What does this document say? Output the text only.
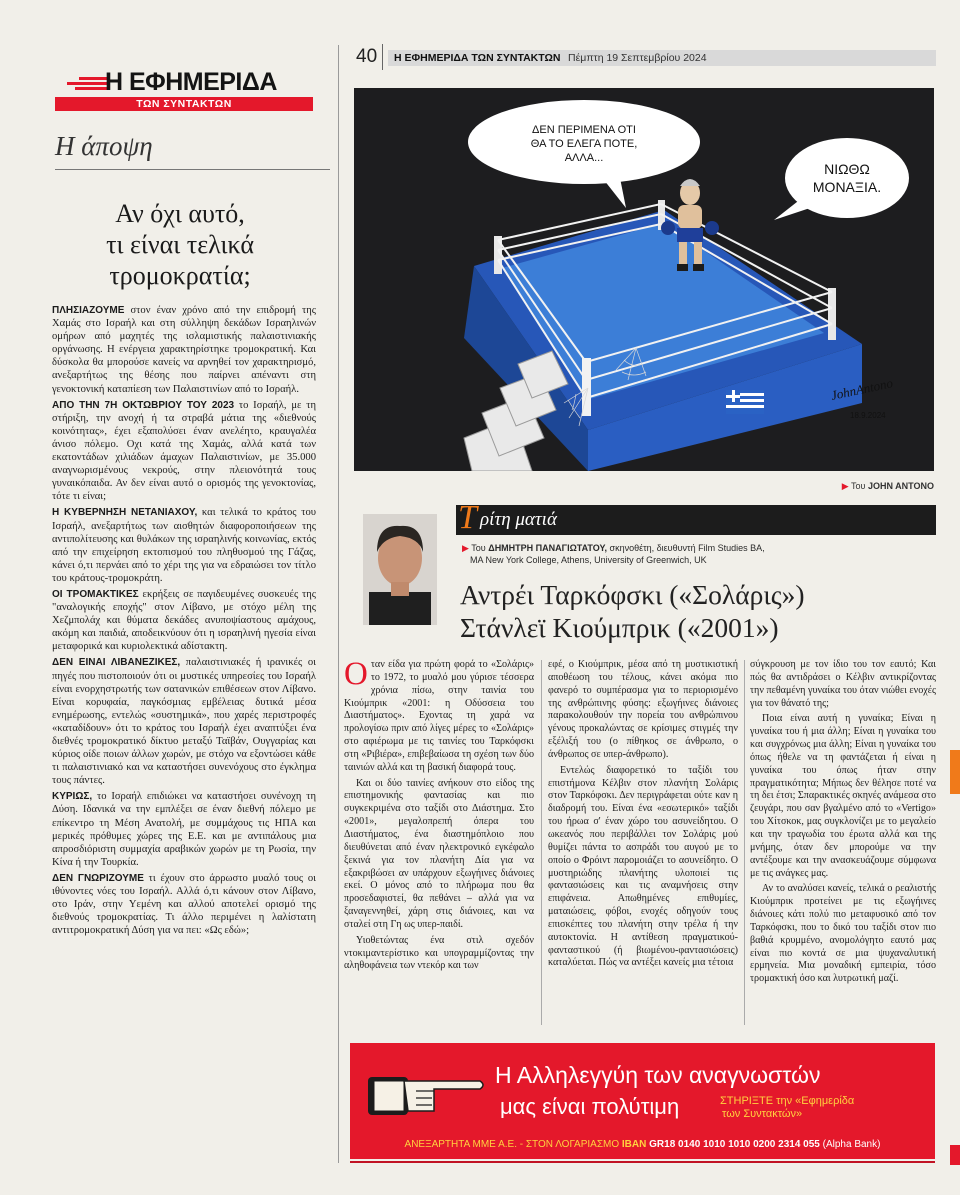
Η ΕΦΗΜΕΡΙΔΑ
ΤΩΝ ΣΥΝΤΑΚΤΩΝ
Η άποψη
Αν όχι αυτό,
τι είναι τελικά
τρομοκρατία;

ΠΛΗΣΙΑΖΟΥΜΕ στον έναν χρόνο από την επιδρομή της Χαμάς στο Ισραήλ και στη σύλληψη δεκάδων Ισραηλινών ομήρων από μαχητές της ισλαμιστικής παλαιστινιακής οργάνωσης. Η ενέργεια χαρακτηρίστηκε τρομοκρατική. Και δύσκολα θα μπορούσε κανείς να αρνηθεί τον χαρακτηρισμό, ανεξαρτήτως της θέσης που παίρνει απέναντι στη γενοκτονική καταπίεση των Παλαιστινίων από το Ισραήλ.

ΑΠΟ ΤΗΝ 7Η ΟΚΤΩΒΡΙΟΥ ΤΟΥ 2023 το Ισραήλ, με τη στήριξη, την ανοχή ή τα στραβά μάτια της «διεθνούς κοινότητας», έχει εξαπολύσει έναν ανελέητο, κραυγαλέα άνισο πόλεμο. Οχι κατά της Χαμάς, αλλά κατά των εκατοντάδων χιλιάδων άμαχων Παλαιστινίων, με 35.000 αναγνωρισμένους νεκρούς, στην πλειονότητά τους γυναικόπαιδα. Αν δεν είναι αυτό ο ορισμός της γενοκτονίας, τότε τι είναι;

Η ΚΥΒΕΡΝΗΣΗ ΝΕΤΑΝΙΑΧΟΥ, και τελικά το κράτος του Ισραήλ, ανεξαρτήτως των αισθητών διαφοροποιήσεων της αντιπολίτευσης και θυλάκων της ισραηλινής κοινωνίας, εκτός από την επιχείρηση εκτοπισμού του πληθυσμού της Γάζας, κάνει ό,τι περνάει από το χέρι της για να εδραιώσει τον τίτλο του κράτους-τρομοκράτη.

ΟΙ ΤΡΟΜΑΚΤΙΚΕΣ εκρήξεις σε παγιδευμένες συσκευές της "αναλογικής εποχής" στον Λίβανο, με στόχο μέλη της Χεζμπολάχ και θύματα δεκάδες ανυποψίαστους αμάχους, ακόμη και παιδιά, αποδεικνύουν ότι η ισραηλινή ηγεσία είναι μεταφορικά και κυριολεκτικά αδίστακτη.

ΔΕΝ ΕΙΝΑΙ ΛΙΒΑΝΕΖΙΚΕΣ, παλαιστινιακές ή ιρανικές οι πηγές που πιστοποιούν ότι οι μυστικές υπηρεσίες του Ισραήλ είναι ενορχηστρωτής των σατανικών επιθέσεων στον Λίβανο. Είναι κορυφαία, παγκόσμιας εμβέλειας δυτικά μέσα ενημέρωσης, εντελώς «συστημικά», που χαρές περιστροφές «καταδίδουν» ότι το κράτος του Ισραήλ έχει αναπτύξει ένα διεθνές τρομοκρατικό δίκτυο μεταξύ Ταϊβάν, Ουγγαρίας και κύριος οίδε ποιων άλλων χωρών, με στόχο να εξοντώσει κάθε τι παλαιστινιακό και να καταστήσει συνενόχους στο έγκλημα τους πάντες.

ΚΥΡΙΩΣ, το Ισραήλ επιδιώκει να καταστήσει συνένοχη τη Δύση. Ιδανικά να την εμπλέξει σε έναν διεθνή πόλεμο με επίκεντρο τη Μέση Ανατολή, με συμμάχους τις ΗΠΑ και μερικές πρόθυμες χώρες της Ε.Ε. και με αντιπάλους μια απροσδιόριστη συμμαχία αραβικών χωρών με τη Ρωσία, την Κίνα ή την Τουρκία.

ΔΕΝ ΓΝΩΡΙΖΟΥΜΕ τι έχουν στο άρρωστο μυαλό τους οι ιθύνοντες νόες του Ισραήλ. Αλλά ό,τι κάνουν στον Λίβανο, στο Ιράν, στην Υεμένη και αλλού αποτελεί ορισμό της διεθνούς τρομοκρατίας. Τι άλλο περιμένει η λαλίστατη αντιτρομοκρατική Δύση για να πει: «Ως εδώ»;

40 Η ΕΦΗΜΕΡΙΔΑ ΤΩΝ ΣΥΝΤΑΚΤΩΝ Πέμπτη 19 Σεπτεμβρίου 2024
ΔΕΝ ΠΕΡΙΜΕΝΑ ΟΤΙ
ΘΑ ΤΟ ΕΛΕΓΑ ΠΟΤΕ,
ΑΛΛΑ...
ΝΙΩΘΩ
ΜΟΝΑΞΙΑ.
JohnAntono
18.9.2024
▶ Του JOHN ANTONO
Τ ρίτη ματιά
▶ Του ΔΗΜΗΤΡΗ ΠΑΝΑΓΙΩΤΑΤΟΥ, σκηνοθέτη, διευθυντή Film Studies BA,
MA New York College, Athens, University of Greenwich, UK
Αντρέι Ταρκόφσκι («Σολάρις»)
Στάνλεϊ Κιούμπρικ («2001»)

Οταν είδα για πρώτη φορά το «Σολάρις» το 1972, το μυαλό μου γύρισε τέσσερα χρόνια πίσω, στην ταινία του Κιούμπρικ «2001: η Οδύσσεια του Διαστήματος». Εχοντας τη χαρά να προλογίσω πριν από λίγες μέρες το «Σολάρις» στο αφιέρωμα με τις ταινίες του Ταρκόφσκι στη «Ριβιέρα», επιβεβαίωσα τη σχέση των δύο ταινιών αλλά και τη βασική διαφορά τους.

Και οι δύο ταινίες ανήκουν στο είδος της επιστημονικής φαντασίας και πιο συγκεκριμένα στο ταξίδι στο Διάστημα. Στο «2001», μεγαλοπρεπή όπερα του Διαστήματος, ένα διαστημόπλοιο που διευθύνεται από έναν ηλεκτρονικό εγκέφαλο ξεκινά για τον πλανήτη Δία για να εξακριβώσει αν υπάρχουν εξωγήινες διάνοιες εκεί. Ο μόνος από το πλήρωμα που θα προσεδαφιστεί, θα πεθάνει – αλλά για να ξαναγεννηθεί, χάρη στις διάνοιες, και να σταλεί στη Γη ως υπερ-παιδί.

Υιοθετώντας ένα στιλ σχεδόν ντοκιμαντερίστικο και υπογραμμίζοντας την αληθοφάνεια των ντεκόρ και των

εφέ, ο Κιούμπρικ, μέσα από τη μυστικιστική αποθέωση του τέλους, κάνει ακόμα πιο φανερό το συμπέρασμα για το περιορισμένο της ανθρώπινης φύσης: εξωγήινες διάνοιες παρακολουθούν την πορεία του ανθρώπινου γένους προκαλώντας σε κρίσιμες στιγμές την εξέλιξή του (ο πίθηκος σε άνθρωπο, ο άνθρωπος σε υπερ-άνθρωπο).

Εντελώς διαφορετικό το ταξίδι του επιστήμονα Κέλβιν στον πλανήτη Σολάρις στον Ταρκόφσκι. Δεν περιγράφεται ούτε καν η διαδρομή του. Είναι ένα «εσωτερικό» ταξίδι του ήρωα σ' έναν χώρο του ασυνείδητου. Ο ωκεανός που περιβάλλει τον Σολάρις μού θυμίζει πάντα το ασπράδι του αυγού με το οποίο ο Φρόιντ παρομοιάζει το ασυνείδητο. Ο μυστηριώδης πλανήτης υλοποιεί τις φαντασιώσεις και τις αναμνήσεις στην επιφάνεια. Απωθημένες επιθυμίες, ματαιώσεις, φόβοι, ενοχές οδηγούν τους επισκέπτες του πλανήτη στην τρέλα ή την αυτοκτονία. Η αντίθεση πραγματικού-φανταστικού (ή βιωμένου-φαντασιώσεις) καταλύεται. Πώς να αντέξει κανείς μια τέτοια

σύγκρουση με τον ίδιο του τον εαυτό; Και πώς θα αντιδράσει ο Κέλβιν αντικρίζοντας την πεθαμένη γυναίκα του όταν νιώθει ενοχές για τον θάνατό της;

Ποια είναι αυτή η γυναίκα; Είναι η γυναίκα του ή μια άλλη; Είναι η γυναίκα του και συγχρόνως μια άλλη; Είναι η γυναίκα του όπως ήθελε να τη φαντάζεται ή είναι η γυναίκα του όπως ήταν στην πραγματικότητα; Μήπως δεν θέλησε ποτέ να τη δει έτσι; Σπαρακτικές σκηνές ανάμεσα στο ζευγάρι, που σαν βγαλμένο από το «Vertigo» του Χίτσκοκ, μας συγκλονίζει με το μεγαλείο και την τραγωδία του έρωτα αλλά και της μνήμης, όταν δεν μπορούμε να την αντέξουμε και την ανασκευάζουμε σύμφωνα με τις ανάγκες μας.

Αν το αναλύσει κανείς, τελικά ο ρεαλιστής Κιούμπρικ προτείνει με τις εξωγήινες διάνοιες κάτι πολύ πιο μεταφυσικό από τον Ταρκόφσκι, που το δικό του ταξίδι στον πιο βαθιά κρυμμένο, ανομολόγητο εαυτό μας είναι πιο κοντά σε μια ψυχαναλυτική ερμηνεία. Μια μοναδική εμπειρία, τόσο τρομακτική όσο και λυτρωτική μαζί.

Η Αλληλεγγύη των αναγνωστών
μας είναι πολύτιμη	ΣΤΗΡΙΞΤΕ την «Εφημερίδα
των Συντακτών»
ΑΝΕΞΑΡΤΗΤΑ ΜΜΕ Α.Ε. - ΣΤΟΝ ΛΟΓΑΡΙΑΣΜΟ IBAN GR18 0140 1010 1010 0200 2314 055 (Alpha Bank)
